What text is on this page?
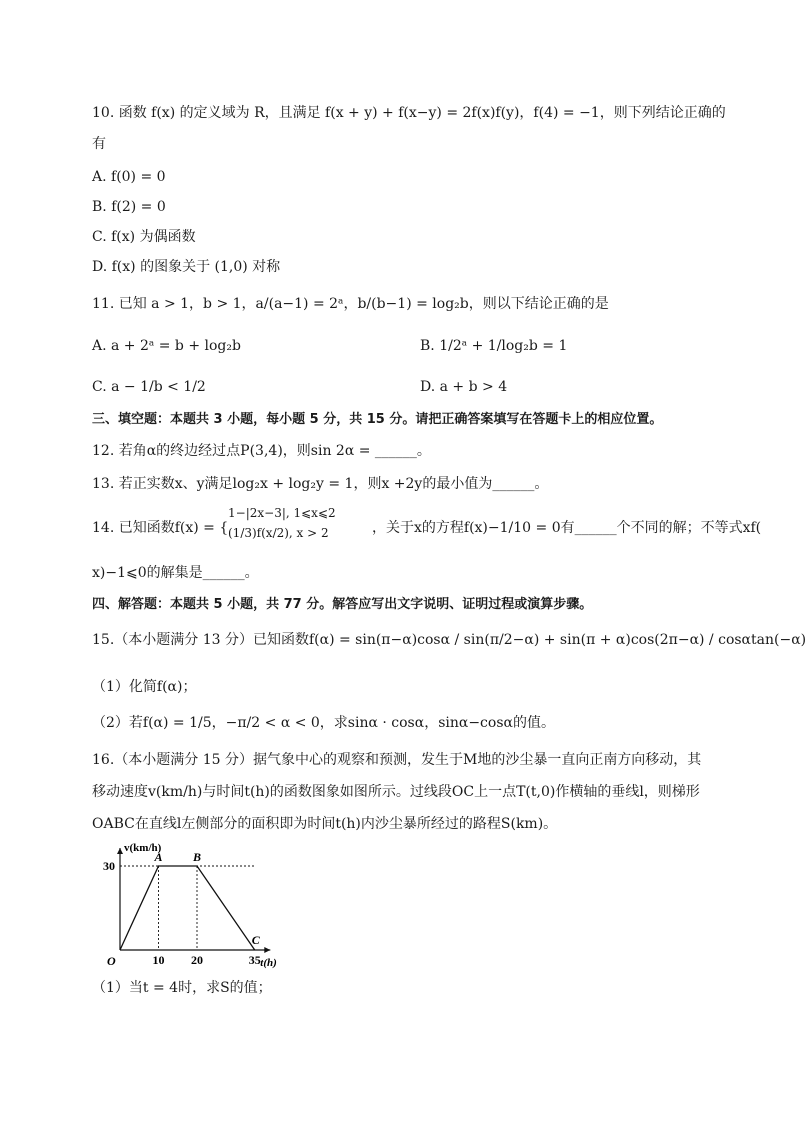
10. 函数 f(x) 的定义域为 R，且满足 f(x + y) + f(x−y) = 2f(x)f(y)，f(4) = −1，则下列结论正确的
有
A. f(0) = 0
B. f(2) = 0
C. f(x) 为偶函数
D. f(x) 的图象关于 (1,0) 对称
11. 已知 a > 1，b > 1，a/(a−1) = 2ᵃ，b/(b−1) = log₂b，则以下结论正确的是
A. a + 2ᵃ = b + log₂b	B. 1/2ᵃ + 1/log₂b = 1
C. a − 1/b < 1/2	D. a + b > 4
三、填空题：本题共 3 小题，每小题 5 分，共 15 分。请把正确答案填写在答题卡上的相应位置。
12. 若角α的终边经过点P(3,4)，则sin 2α = ______。
13. 若正实数x、y满足log₂x + log₂y = 1，则x +2y的最小值为______。
14. 已知函数f(x) = {
1−|2x−3|, 1⩽x⩽2
(1/3)f(x/2), x > 2	，关于x的方程f(x)−1/10 = 0有______个不同的解；不等式xf(
x)−1⩽0的解集是______。
四、解答题：本题共 5 小题，共 77 分。解答应写出文字说明、证明过程或演算步骤。
15.（本小题满分 13 分）已知函数f(α) = sin(π−α)cosα / sin(π/2−α) + sin(π + α)cos(2π−α) / cosαtan(−α)
（1）化简f(α)；
（2）若f(α) = 1/5，−π/2 < α < 0，求sinα · cosα，sinα−cosα的值。
16.（本小题满分 15 分）据气象中心的观察和预测，发生于M地的沙尘暴一直向正南方向移动，其
移动速度v(km/h)与时间t(h)的函数图象如图所示。过线段OC上一点T(t,0)作横轴的垂线l，则梯形
OABC在直线l左侧部分的面积即为时间t(h)内沙尘暴所经过的路程S(km)。
O
A	B
C
10 20	35
30
v(km/h)
t(h)
（1）当t = 4时，求S的值；
